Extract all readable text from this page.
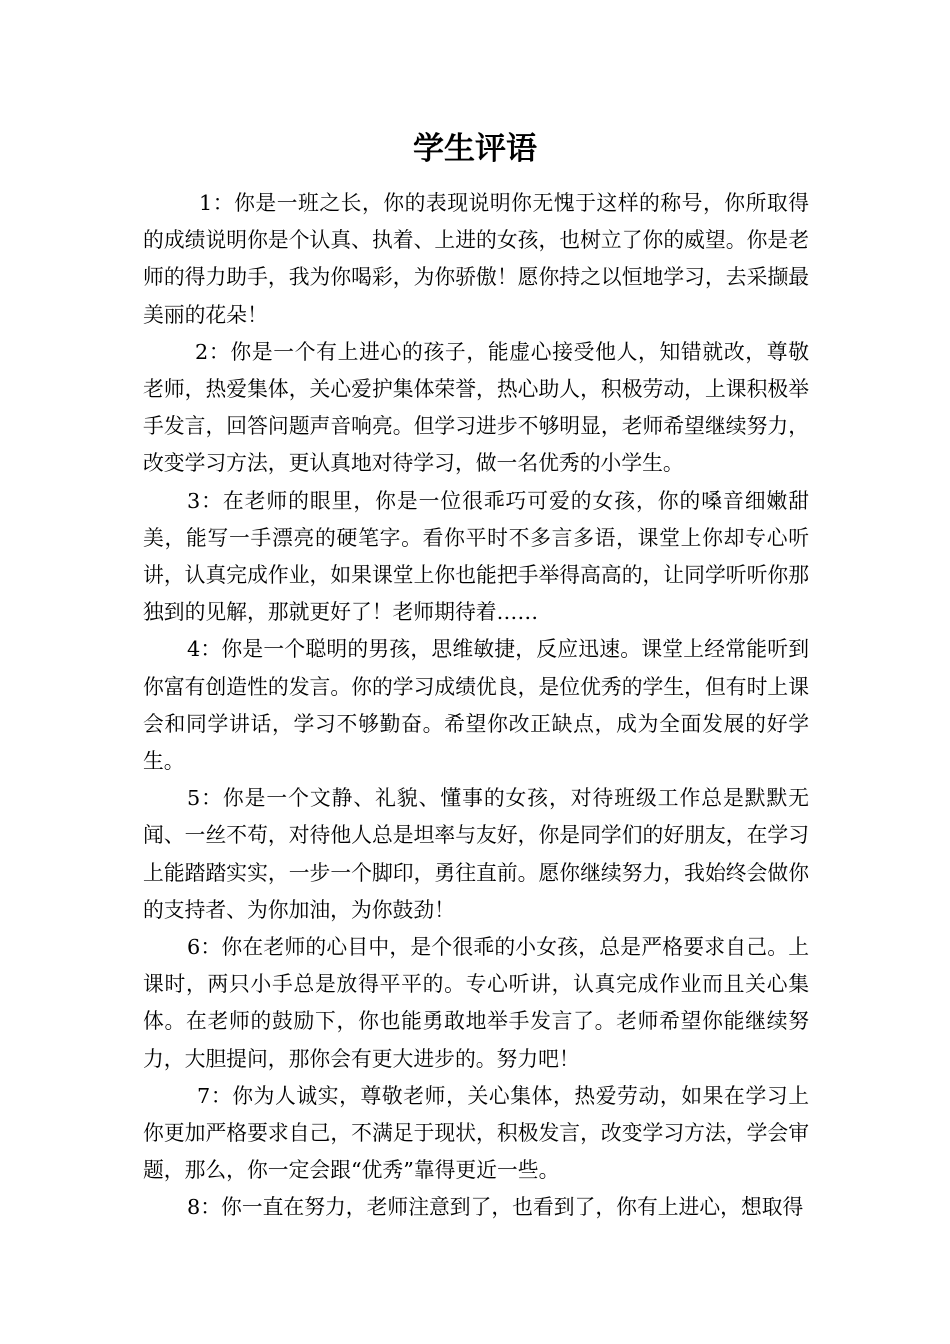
学生评语

1：你是一班之长，你的表现说明你无愧于这样的称号，你所取得的成绩说明你是个认真、执着、上进的女孩，也树立了你的威望。你是老师的得力助手，我为你喝彩，为你骄傲！愿你持之以恒地学习，去采撷最美丽的花朵！

2：你是一个有上进心的孩子，能虚心接受他人，知错就改，尊敬老师，热爱集体，关心爱护集体荣誉，热心助人，积极劳动，上课积极举手发言，回答问题声音响亮。但学习进步不够明显，老师希望继续努力，改变学习方法，更认真地对待学习，做一名优秀的小学生。

3：在老师的眼里，你是一位很乖巧可爱的女孩，你的嗓音细嫩甜美，能写一手漂亮的硬笔字。看你平时不多言多语，课堂上你却专心听讲，认真完成作业，如果课堂上你也能把手举得高高的，让同学听听你那独到的见解，那就更好了！老师期待着……

4：你是一个聪明的男孩，思维敏捷，反应迅速。课堂上经常能听到你富有创造性的发言。你的学习成绩优良，是位优秀的学生，但有时上课会和同学讲话，学习不够勤奋。希望你改正缺点，成为全面发展的好学生。

5：你是一个文静、礼貌、懂事的女孩，对待班级工作总是默默无闻、一丝不苟，对待他人总是坦率与友好，你是同学们的好朋友，在学习上能踏踏实实，一步一个脚印，勇往直前。愿你继续努力，我始终会做你的支持者、为你加油，为你鼓劲！

6：你在老师的心目中，是个很乖的小女孩，总是严格要求自己。上课时，两只小手总是放得平平的。专心听讲，认真完成作业而且关心集体。在老师的鼓励下，你也能勇敢地举手发言了。老师希望你能继续努力，大胆提问，那你会有更大进步的。努力吧！

7：你为人诚实，尊敬老师，关心集体，热爱劳动，如果在学习上你更加严格要求自己，不满足于现状，积极发言，改变学习方法，学会审题，那么，你一定会跟“优秀”靠得更近一些。

8：你一直在努力，老师注意到了，也看到了，你有上进心，想取得
